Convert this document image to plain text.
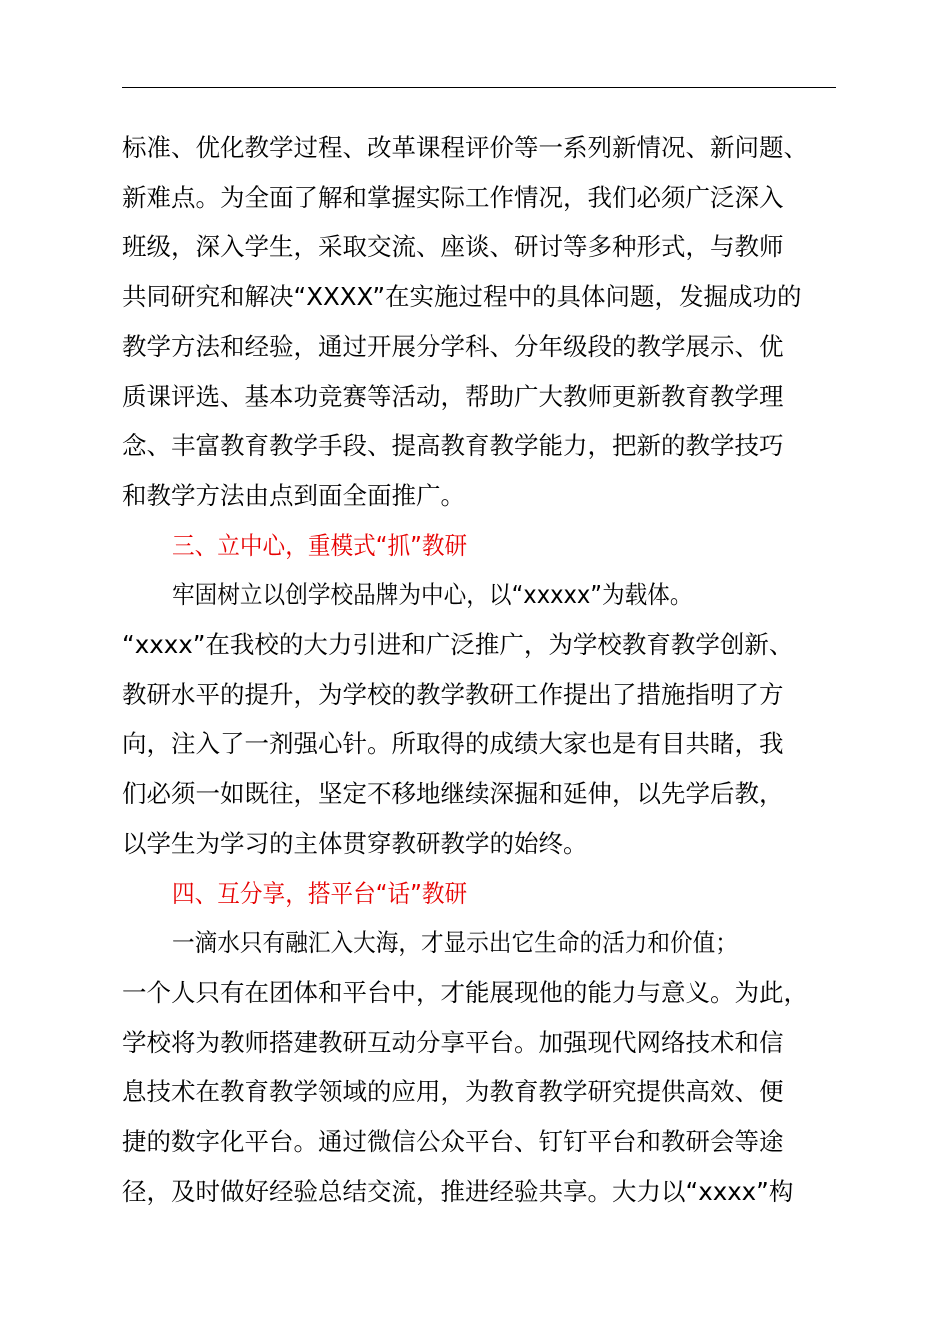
标准、优化教学过程、改革课程评价等一系列新情况、新问题、
新难点。为全面了解和掌握实际工作情况，我们必须广泛深入
班级，深入学生，采取交流、座谈、研讨等多种形式，与教师
共同研究和解决“XXXX”在实施过程中的具体问题，发掘成功的
教学方法和经验，通过开展分学科、分年级段的教学展示、优
质课评选、基本功竞赛等活动，帮助广大教师更新教育教学理
念、丰富教育教学手段、提高教育教学能力，把新的教学技巧
和教学方法由点到面全面推广。
三、立中心，重模式“抓”教研
牢固树立以创学校品牌为中心，以“xxxxx”为载体。
“xxxx”在我校的大力引进和广泛推广，为学校教育教学创新、
教研水平的提升，为学校的教学教研工作提出了措施指明了方
向，注入了一剂强心针。所取得的成绩大家也是有目共睹，我
们必须一如既往，坚定不移地继续深掘和延伸，以先学后教，
以学生为学习的主体贯穿教研教学的始终。
四、互分享，搭平台“话”教研
一滴水只有融汇入大海，才显示出它生命的活力和价值；
一个人只有在团体和平台中，才能展现他的能力与意义。为此，
学校将为教师搭建教研互动分享平台。加强现代网络技术和信
息技术在教育教学领域的应用，为教育教学研究提供高效、便
捷的数字化平台。通过微信公众平台、钉钉平台和教研会等途
径，及时做好经验总结交流，推进经验共享。大力以“xxxx”构
